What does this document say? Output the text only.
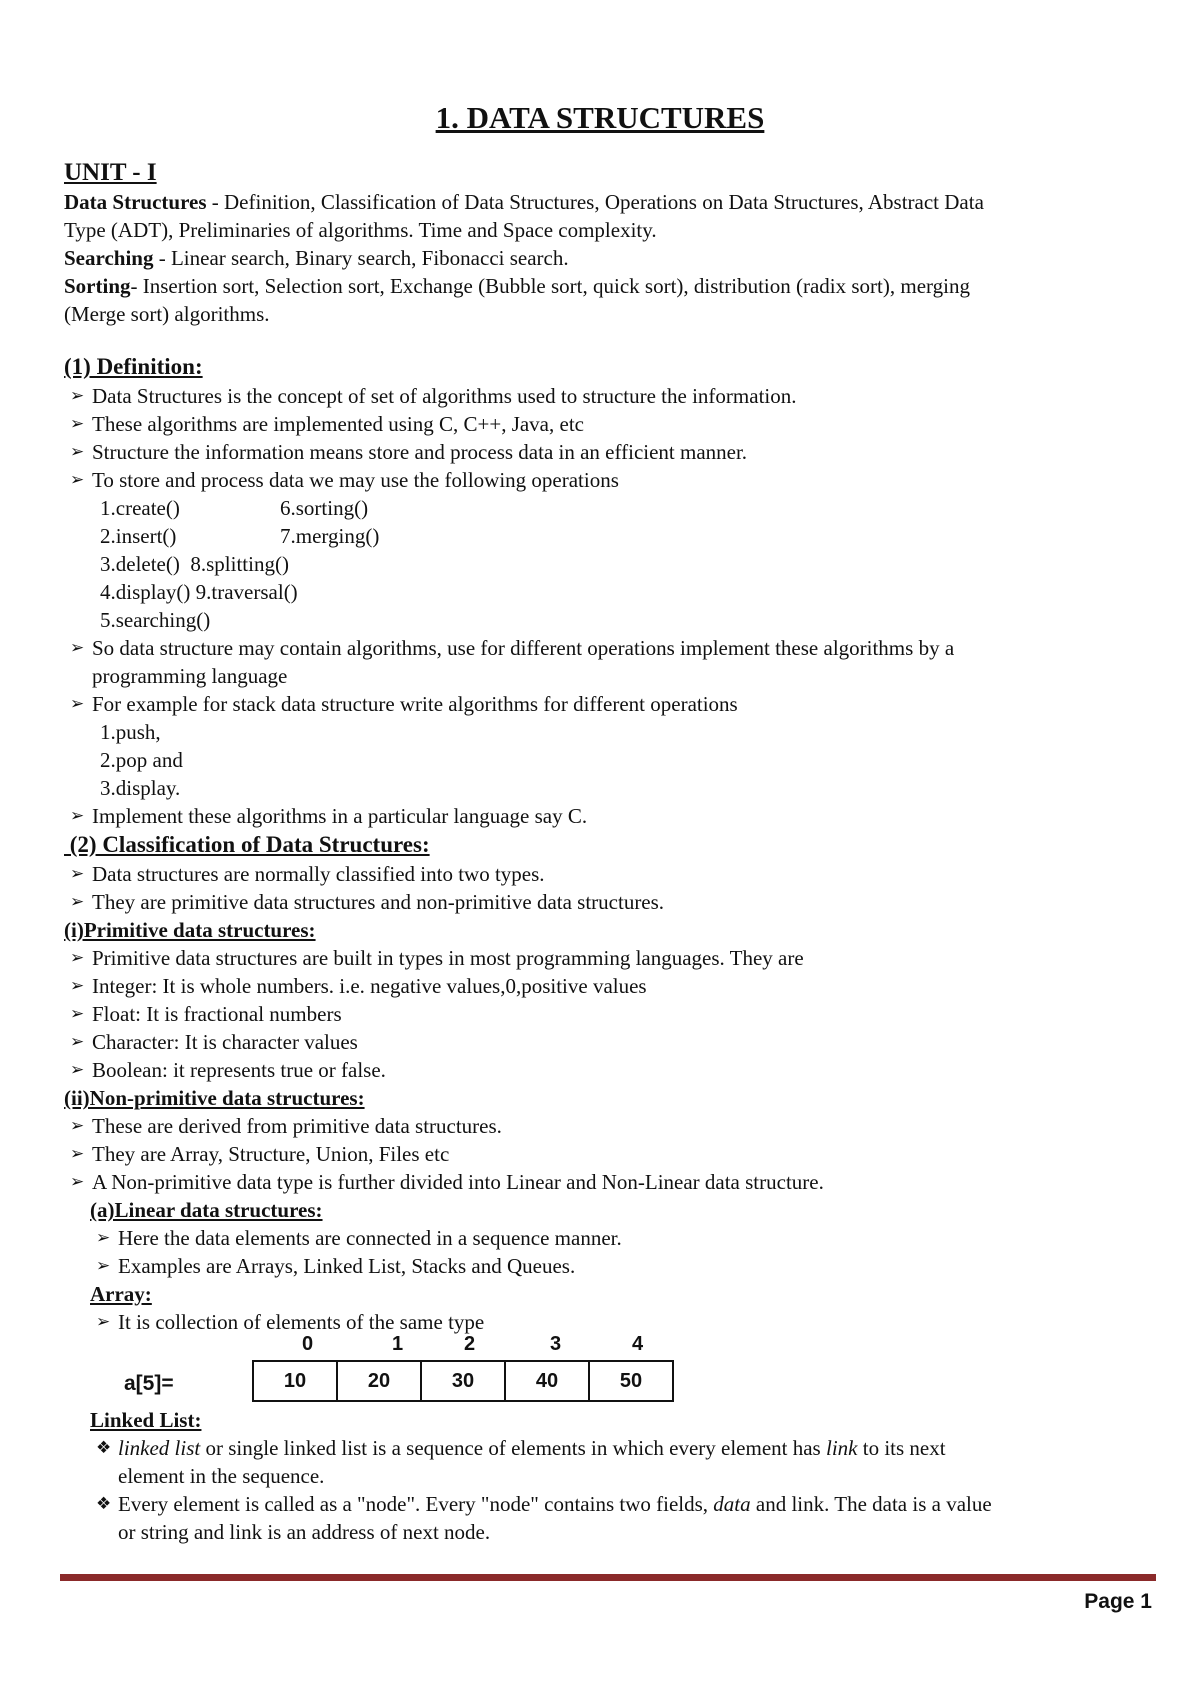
1. DATA STRUCTURES
UNIT - I
Data Structures - Definition, Classification of Data Structures, Operations on Data Structures, Abstract Data
Type (ADT), Preliminaries of algorithms. Time and Space complexity.
Searching - Linear search, Binary search, Fibonacci search.
Sorting- Insertion sort, Selection sort, Exchange (Bubble sort, quick sort), distribution (radix sort), merging
(Merge sort) algorithms.
(1) Definition:
➢ Data Structures is the concept of set of algorithms used to structure the information.
➢ These algorithms are implemented using C, C++, Java, etc
➢ Structure the information means store and process data in an efficient manner.
➢ To store and process data we may use the following operations
1.create()	6.sorting()
2.insert()	7.merging()
3.delete()  8.splitting()
4.display() 9.traversal()
5.searching()
➢ So data structure may contain algorithms, use for different operations implement these algorithms by a
programming language
➢ For example for stack data structure write algorithms for different operations
1.push,
2.pop and
3.display.
➢ Implement these algorithms in a particular language say C.
(2) Classification of Data Structures:
➢ Data structures are normally classified into two types.
➢ They are primitive data structures and non-primitive data structures.
(i)Primitive data structures:
➢ Primitive data structures are built in types in most programming languages. They are
➢ Integer: It is whole numbers. i.e. negative values,0,positive values
➢ Float: It is fractional numbers
➢ Character: It is character values
➢ Boolean: it represents true or false.
(ii)Non-primitive data structures:
➢ These are derived from primitive data structures.
➢ They are Array, Structure, Union, Files etc
➢ A Non-primitive data type is further divided into Linear and Non-Linear data structure.
(a)Linear data structures:
➢ Here the data elements are connected in a sequence manner.
➢ Examples are Arrays, Linked List, Stacks and Queues.
Array:
➢ It is collection of elements of the same type
0	1	2	3	4
a[5]=	10	20	30	40	50
Linked List:
❖ linked list or single linked list is a sequence of elements in which every element has link to its next
element in the sequence.
❖ Every element is called as a "node". Every "node" contains two fields, data and link. The data is a value
or string and link is an address of next node.
Page 1
